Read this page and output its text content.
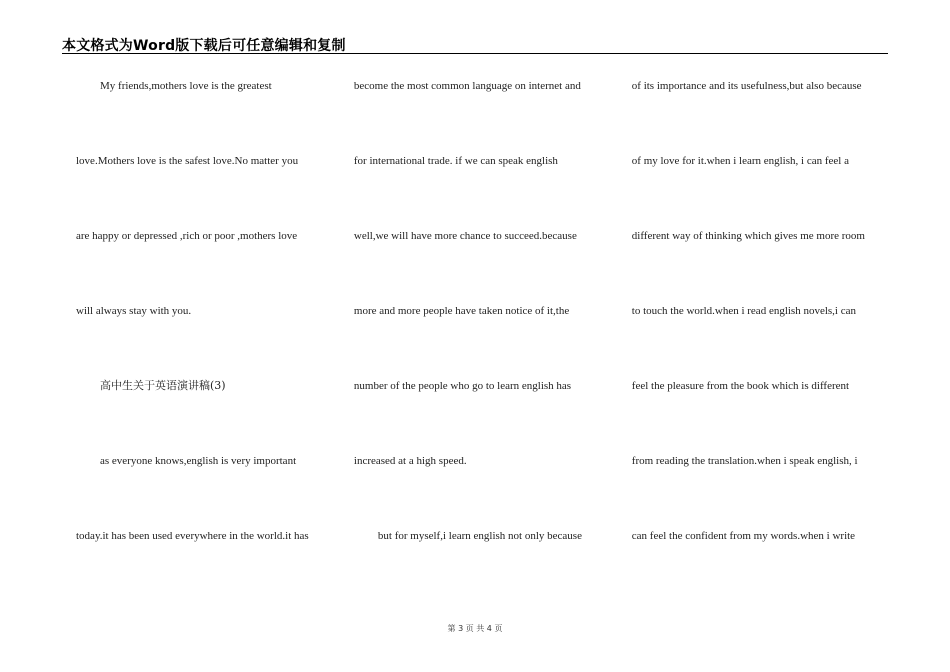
本文格式为Word版下载后可任意编辑和复制
My friends,mothers love is the greatest
love.Mothers love is the safest love.No matter you
are happy or depressed ,rich or poor ,mothers love
will always stay with you.
高中生关于英语演讲稿(3)
as everyone knows,english is very important
today.it has been used everywhere in the world.it has
become the most common language on internet and
for international trade. if we can speak english
well,we will have more chance to succeed.because
more and more people have taken notice of it,the
number of the people who go to learn english has
increased at a high speed.
but for myself,i learn english not only because
of its importance and its usefulness,but also because
of my love for it.when i learn english, i can feel a
different way of thinking which gives me more room
to touch the world.when i read english novels,i can
feel the pleasure from the book which is different
from reading the translation.when i speak english, i
can feel the confident from my words.when i write
第 3 页 共 4 页
